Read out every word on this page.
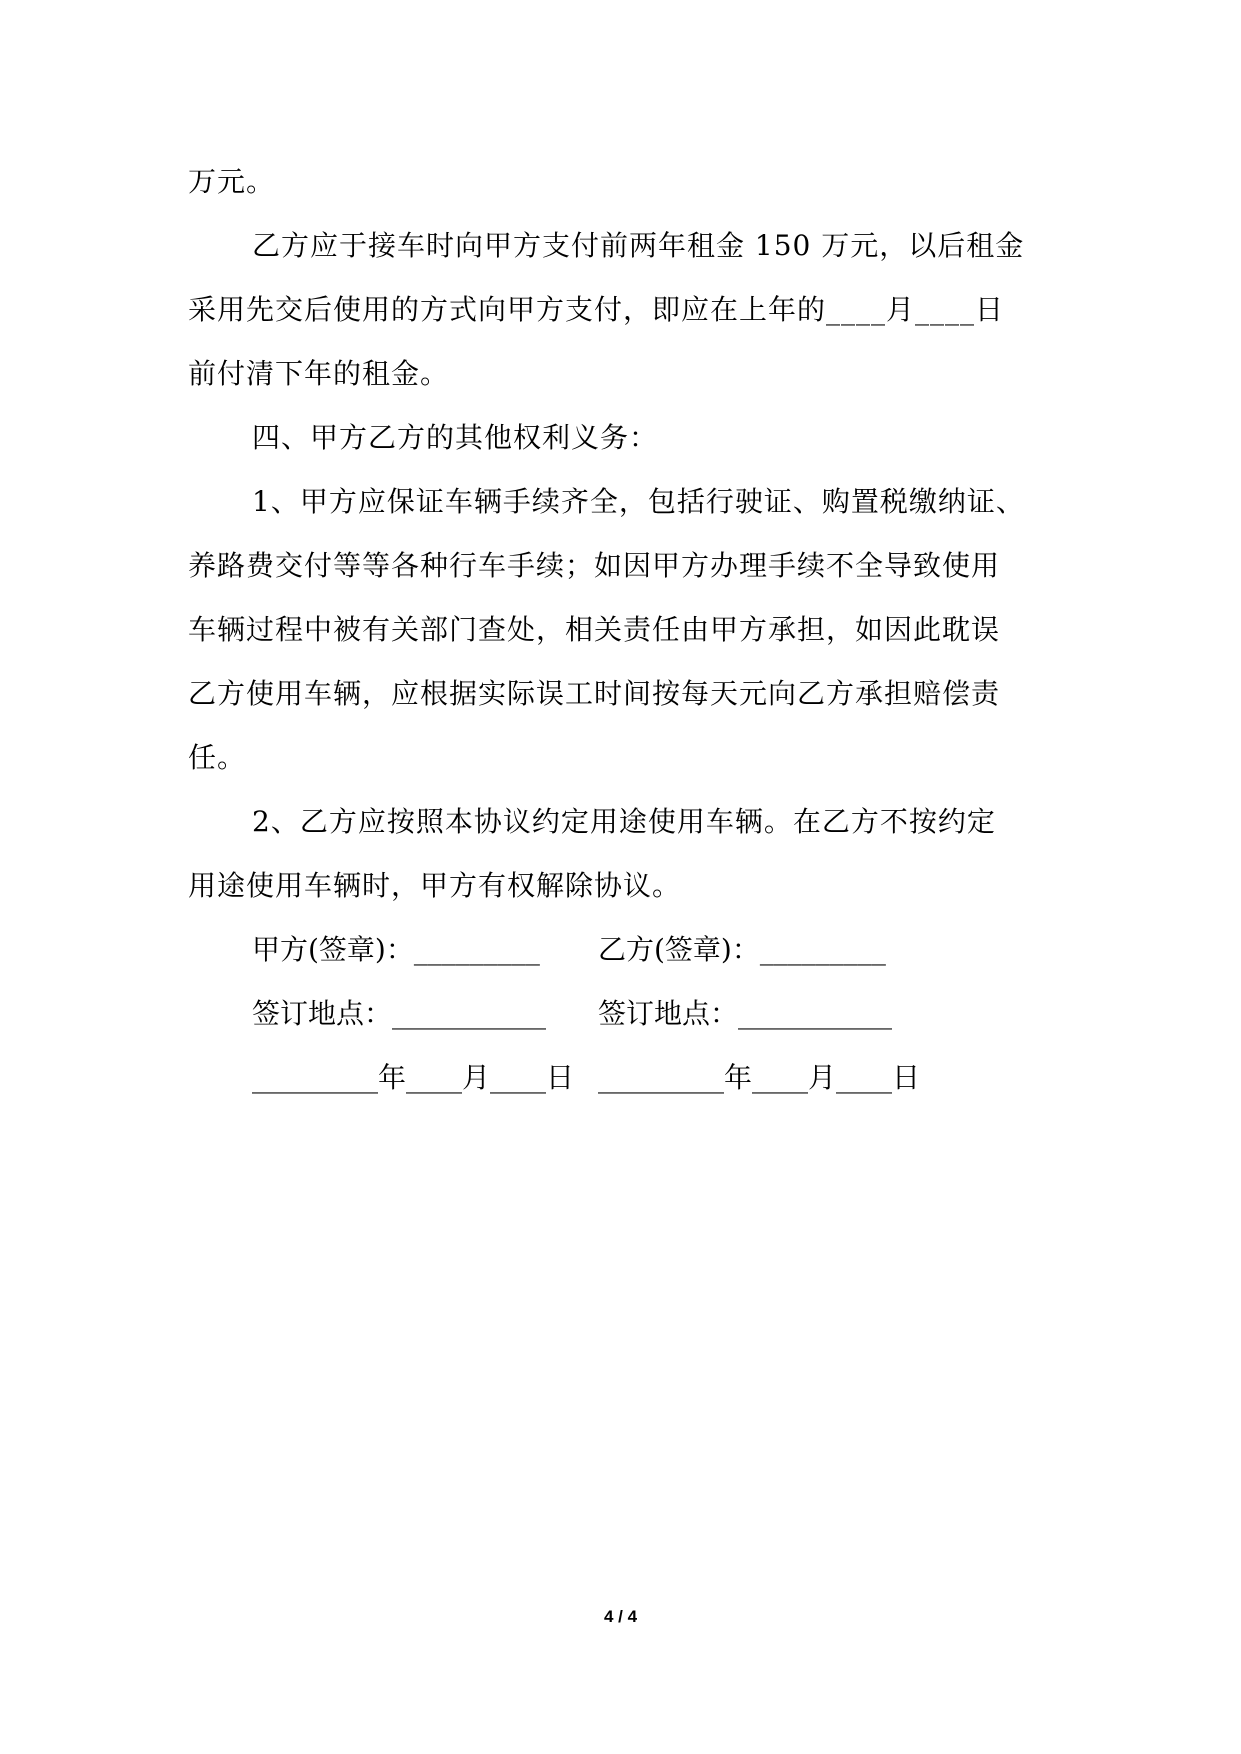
万元。
乙方应于接车时向甲方支付前两年租金 150 万元，以后租金
采用先交后使用的方式向甲方支付，即应在上年的____月____日
前付清下年的租金。
四、甲方乙方的其他权利义务：
1、甲方应保证车辆手续齐全，包括行驶证、购置税缴纳证、
养路费交付等等各种行车手续；如因甲方办理手续不全导致使用
车辆过程中被有关部门查处，相关责任由甲方承担，如因此耽误
乙方使用车辆，应根据实际误工时间按每天元向乙方承担赔偿责
任。
2、乙方应按照本协议约定用途使用车辆。在乙方不按约定
用途使用车辆时，甲方有权解除协议。
甲方(签章)：_________ 乙方(签章)：_________
签订地点：___________ 签订地点：___________
_________年____月____日 _________年____月____日
4 / 4
